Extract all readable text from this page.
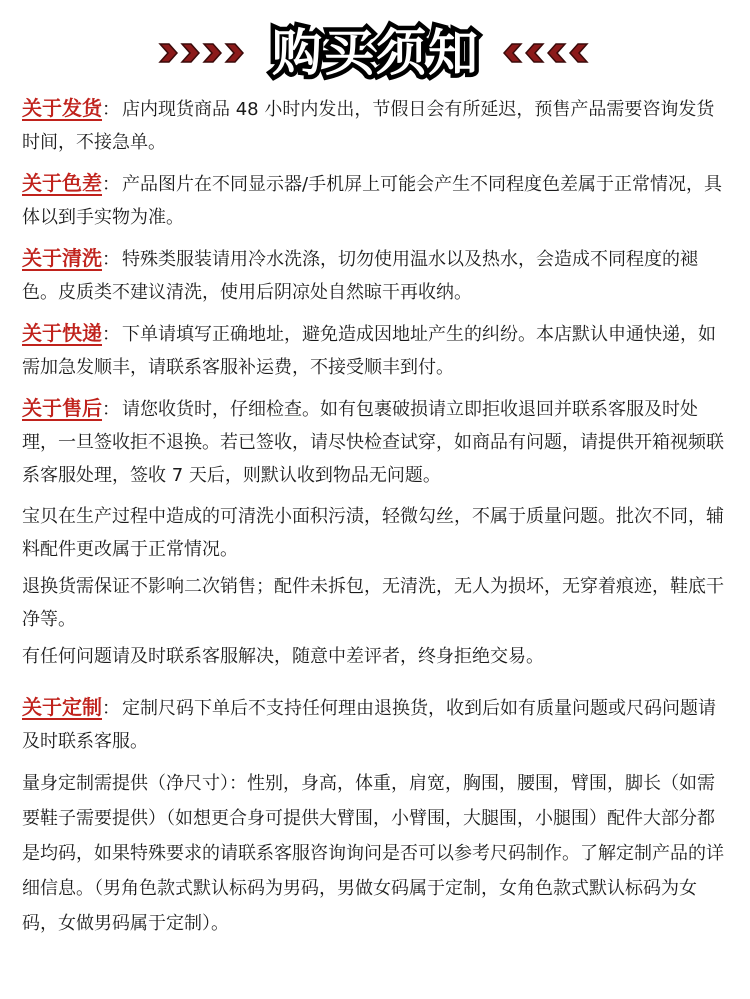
购买须知
关于发货： 店内现货商品 48 小时内发出，节假日会有所延迟，预售产品需要咨询发货时间，不接急单。
关于色差： 产品图片在不同显示器/手机屏上可能会产生不同程度色差属于正常情况，具体以到手实物为准。
关于清洗： 特殊类服装请用冷水洗涤，切勿使用温水以及热水，会造成不同程度的褪色。皮质类不建议清洗，使用后阴凉处自然晾干再收纳。
关于快递： 下单请填写正确地址，避免造成因地址产生的纠纷。本店默认申通快递，如需加急发顺丰，请联系客服补运费，不接受顺丰到付。
关于售后： 请您收货时，仔细检查。如有包裹破损请立即拒收退回并联系客服及时处理，一旦签收拒不退换。若已签收，请尽快检查试穿，如商品有问题，请提供开箱视频联系客服处理，签收 7 天后，则默认收到物品无问题。
宝贝在生产过程中造成的可清洗小面积污渍，轻微勾丝，不属于质量问题。批次不同，辅料配件更改属于正常情况。
退换货需保证不影响二次销售；配件未拆包，无清洗，无人为损坏，无穿着痕迹，鞋底干净等。
有任何问题请及时联系客服解决，随意中差评者，终身拒绝交易。
关于定制： 定制尺码下单后不支持任何理由退换货，收到后如有质量问题或尺码问题请及时联系客服。
量身定制需提供（净尺寸）：性别，身高，体重，肩宽，胸围，腰围，臂围，脚长（如需要鞋子需要提供）（如想更合身可提供大臂围，小臂围，大腿围，小腿围）配件大部分都是均码，如果特殊要求的请联系客服咨询询问是否可以参考尺码制作。了解定制产品的详细信息。（男角色款式默认标码为男码，男做女码属于定制，女角色款式默认标码为女码，女做男码属于定制）。
